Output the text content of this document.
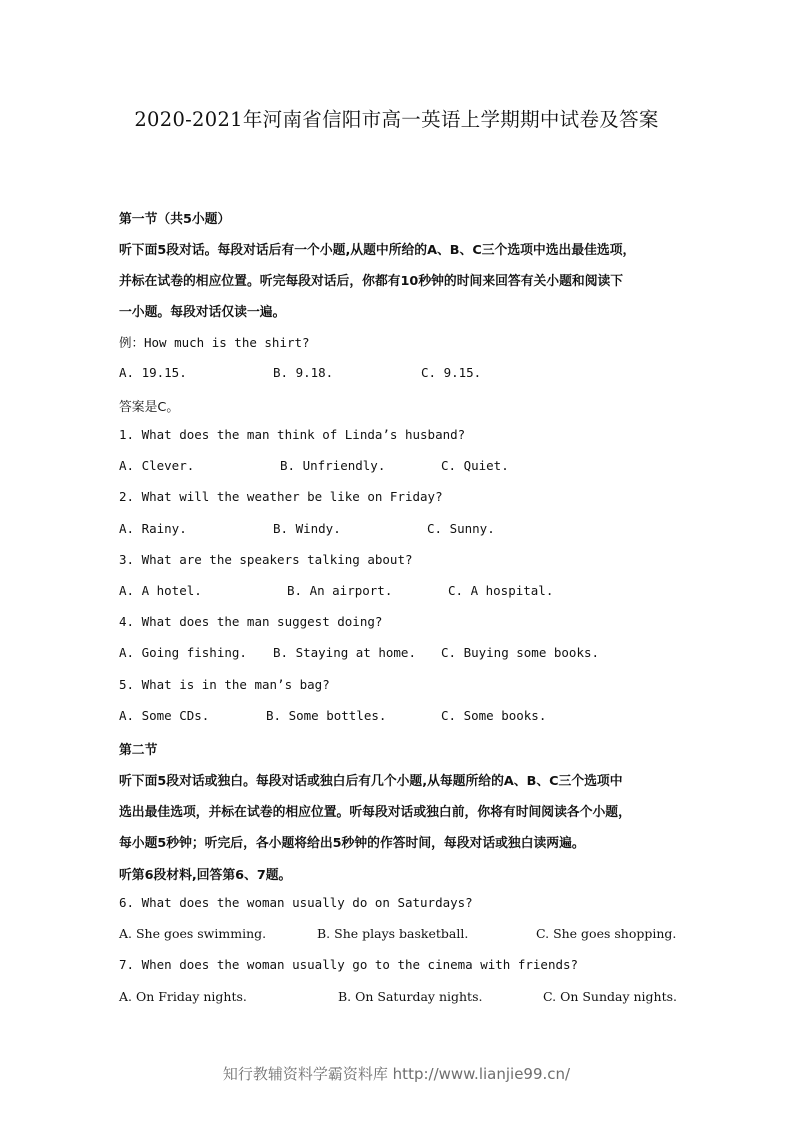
2020-2021年河南省信阳市高一英语上学期期中试卷及答案
第一节（共5小题）
听下面5段对话。每段对话后有一个小题,从题中所给的A、B、C三个选项中选出最佳选项，
并标在试卷的相应位置。听完每段对话后，你都有10秒钟的时间来回答有关小题和阅读下
一小题。每段对话仅读一遍。
例：How much is the shirt?
A. 19.15.	B. 9.18.	C. 9.15.
答案是C。
1. What does the man think of Linda’s husband?
A. Clever.	B. Unfriendly.	C. Quiet.
2. What will the weather be like on Friday?
A. Rainy.	B. Windy.	C. Sunny.
3. What are the speakers talking about?
A. A hotel.	B. An airport.	C. A hospital.
4. What does the man suggest doing?
A. Going fishing. B. Staying at home. C. Buying some books.
5. What is in the man’s bag?
A. Some CDs.	B. Some bottles.	C. Some books.
第二节
听下面5段对话或独白。每段对话或独白后有几个小题,从每题所给的A、B、C三个选项中
选出最佳选项，并标在试卷的相应位置。听每段对话或独白前，你将有时间阅读各个小题，
每小题5秒钟；听完后，各小题将给出5秒钟的作答时间，每段对话或独白读两遍。
听第6段材料,回答第6、7题。
6. What does the woman usually do on Saturdays?
A. She goes swimming.	B. She plays basketball.	C. She goes shopping.
7. When does the woman usually go to the cinema with friends?
A. On Friday nights.	B. On Saturday nights.	C. On Sunday nights.
知行教辅资料学霸资料库 http://www.lianjie99.cn/
